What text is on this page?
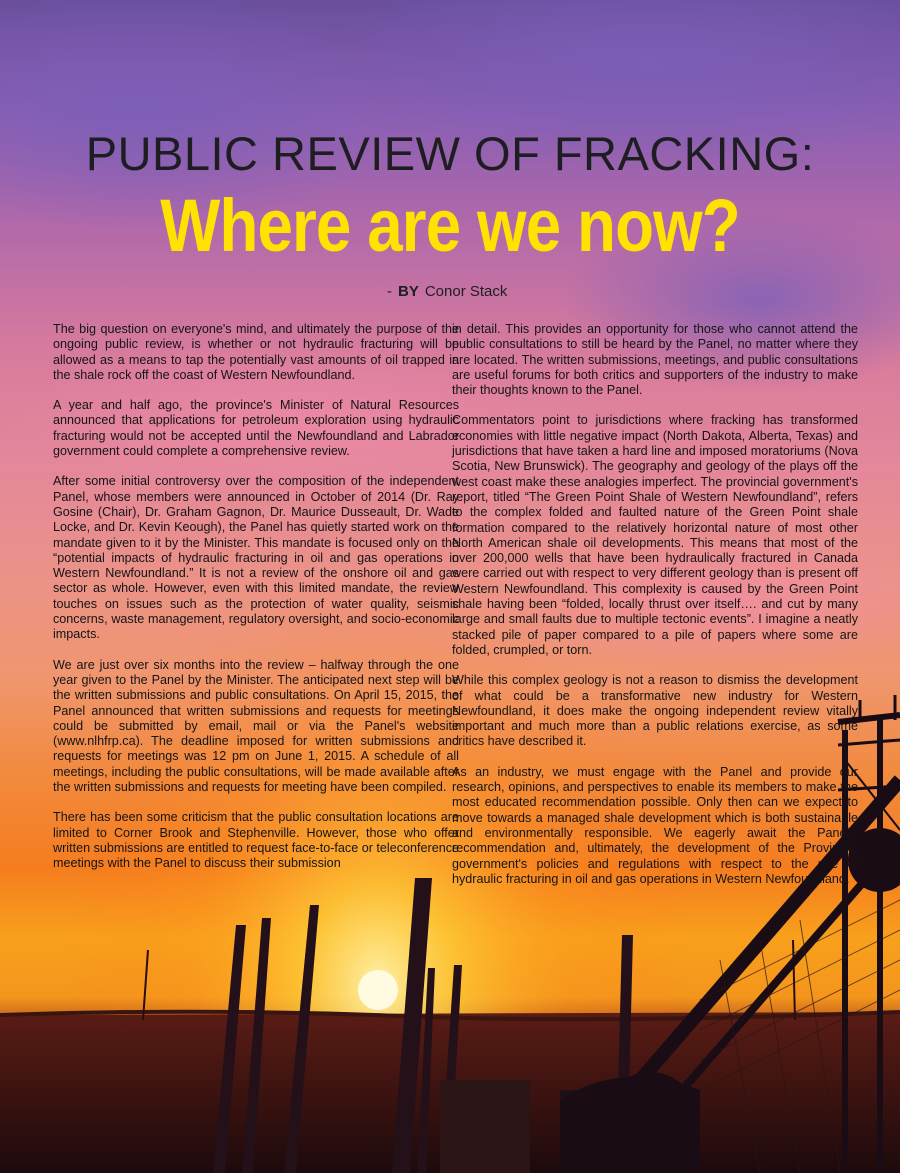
PUBLIC REVIEW OF FRACKING:
Where are we now?
- BY Conor Stack

The big question on everyone's mind, and ultimately the purpose of the ongoing public review, is whether or not hydraulic fracturing will be allowed as a means to tap the potentially vast amounts of oil trapped in the shale rock off the coast of Western Newfoundland.

A year and half ago, the province's Minister of Natural Resources announced that applications for petroleum exploration using hydraulic fracturing would not be accepted until the Newfoundland and Labrador government could complete a comprehensive review.

After some initial controversy over the composition of the independent Panel, whose members were announced in October of 2014 (Dr. Ray Gosine (Chair), Dr. Graham Gagnon, Dr. Maurice Dusseault, Dr. Wade Locke, and Dr. Kevin Keough), the Panel has quietly started work on the mandate given to it by the Minister. This mandate is focused only on the “potential impacts of hydraulic fracturing in oil and gas operations in Western Newfoundland.” It is not a review of the onshore oil and gas sector as whole. However, even with this limited mandate, the review touches on issues such as the protection of water quality, seismic concerns, waste management, regulatory oversight, and socio-economic impacts.

We are just over six months into the review – halfway through the one year given to the Panel by the Minister. The anticipated next step will be the written submissions and public consultations. On April 15, 2015, the Panel announced that written submissions and requests for meetings could be submitted by email, mail or via the Panel's website (www.nlhfrp.ca). The deadline imposed for written submissions and requests for meetings was 12 pm on June 1, 2015. A schedule of all meetings, including the public consultations, will be made available after the written submissions and requests for meeting have been compiled.

There has been some criticism that the public consultation locations are limited to Corner Brook and Stephenville. However, those who offer written submissions are entitled to request face-to-face or teleconference meetings with the Panel to discuss their submission

in detail. This provides an opportunity for those who cannot attend the public consultations to still be heard by the Panel, no matter where they are located. The written submissions, meetings, and public consultations are useful forums for both critics and supporters of the industry to make their thoughts known to the Panel.

Commentators point to jurisdictions where fracking has transformed economies with little negative impact (North Dakota, Alberta, Texas) and jurisdictions that have taken a hard line and imposed moratoriums (Nova Scotia, New Brunswick). The geography and geology of the plays off the west coast make these analogies imperfect. The provincial government's report, titled “The Green Point Shale of Western Newfoundland”, refers to the complex folded and faulted nature of the Green Point shale formation compared to the relatively horizontal nature of most other North American shale oil developments. This means that most of the over 200,000 wells that have been hydraulically fractured in Canada were carried out with respect to very different geology than is present off Western Newfoundland. This complexity is caused by the Green Point shale having been “folded, locally thrust over itself…. and cut by many large and small faults due to multiple tectonic events”. I imagine a neatly stacked pile of paper compared to a pile of papers where some are folded, crumpled, or torn.

While this complex geology is not a reason to dismiss the development of what could be a transformative new industry for Western Newfoundland, it does make the ongoing independent review vitally important and much more than a public relations exercise, as some critics have described it.

As an industry, we must engage with the Panel and provide our research, opinions, and perspectives to enable its members to make the most educated recommendation possible. Only then can we expect to move towards a managed shale development which is both sustainable and environmentally responsible. We eagerly await the Panel's recommendation and, ultimately, the development of the Provincial government's policies and regulations with respect to the use of hydraulic fracturing in oil and gas operations in Western Newfoundland.
